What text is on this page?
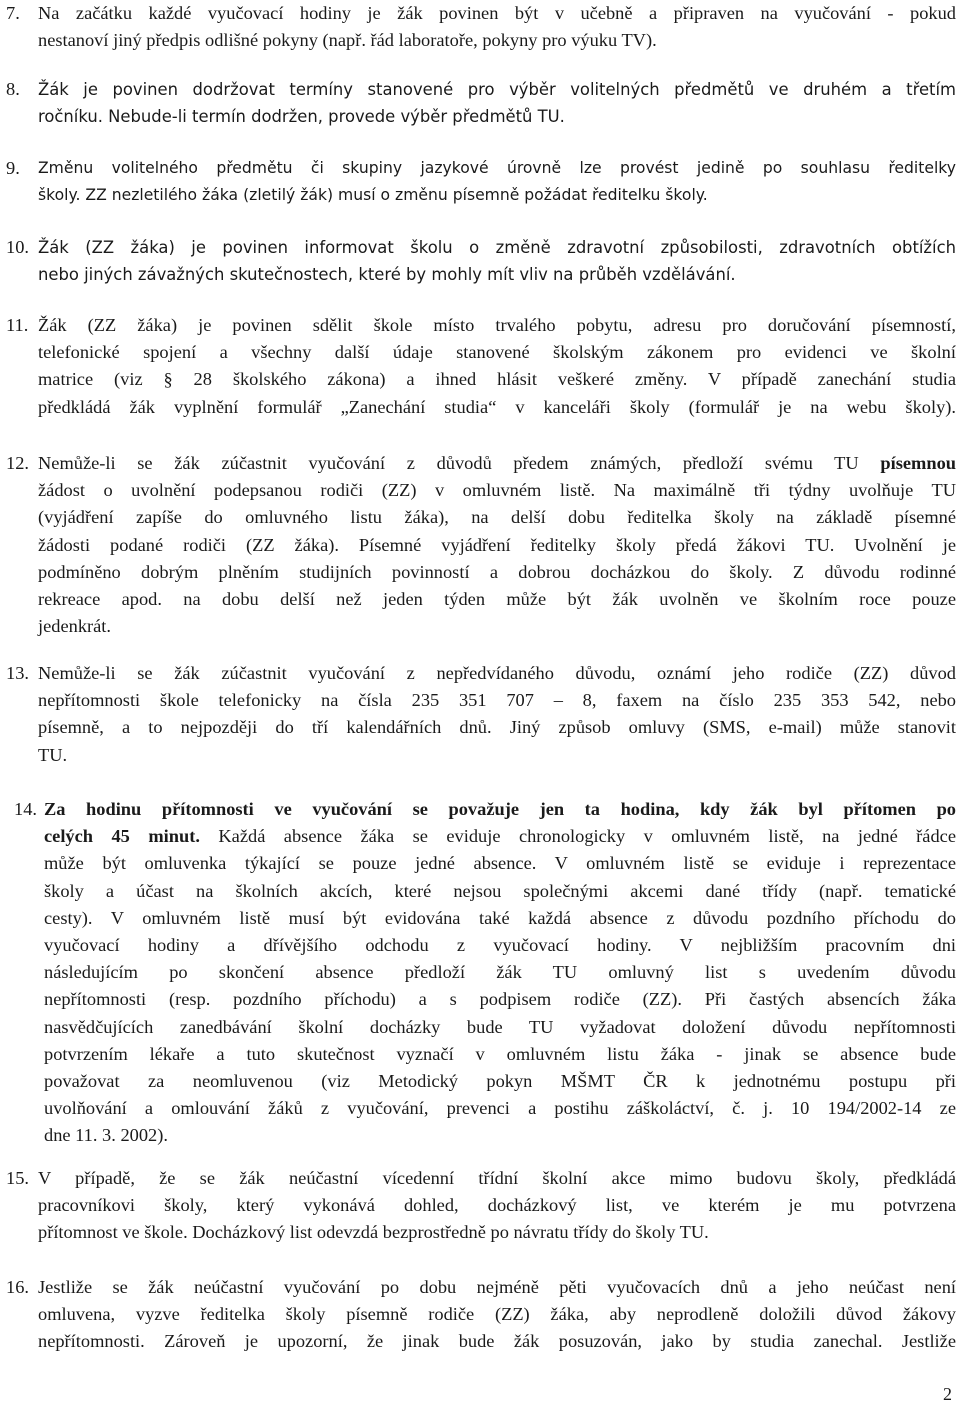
7. Na začátku každé vyučovací hodiny je žák povinen být v učebně a připraven na vyučování - pokud
nestanoví jiný předpis odlišné pokyny (např. řád laboratoře, pokyny pro výuku TV).
8. Žák je povinen dodržovat termíny stanovené pro výběr volitelných předmětů ve druhém a třetím
ročníku. Nebude-li termín dodržen, provede výběr předmětů TU.
9. Změnu volitelného předmětu či skupiny jazykové úrovně lze provést jedině po souhlasu ředitelky
školy. ZZ nezletilého žáka (zletilý žák) musí o změnu písemně požádat ředitelku školy.
10. Žák (ZZ žáka) je povinen informovat školu o změně zdravotní způsobilosti, zdravotních obtížích
nebo jiných závažných skutečnostech, které by mohly mít vliv na průběh vzdělávání.
11. Žák (ZZ žáka) je povinen sdělit škole místo trvalého pobytu, adresu pro doručování písemností,
telefonické spojení a všechny další údaje stanovené školským zákonem pro evidenci ve školní
matrice (viz § 28 školského zákona) a ihned hlásit veškeré změny. V případě zanechání studia
předkládá žák vyplnění formulář „Zanechání studia“ v kanceláři školy (formulář je na webu školy).
12. Nemůže-li se žák zúčastnit vyučování z důvodů předem známých, předloží svému TU písemnou
žádost o uvolnění podepsanou rodiči (ZZ) v omluvném listě. Na maximálně tři týdny uvolňuje TU
(vyjádření zapíše do omluvného listu žáka), na delší dobu ředitelka školy na základě písemné
žádosti podané rodiči (ZZ žáka). Písemné vyjádření ředitelky školy předá žákovi TU. Uvolnění je
podmíněno dobrým plněním studijních povinností a dobrou docházkou do školy. Z důvodu rodinné
rekreace apod. na dobu delší než jeden týden může být žák uvolněn ve školním roce pouze
jedenkrát.
13. Nemůže-li se žák zúčastnit vyučování z nepředvídaného důvodu, oznámí jeho rodiče (ZZ) důvod
nepřítomnosti škole telefonicky na čísla 235 351 707 – 8, faxem na číslo 235 353 542, nebo
písemně, a to nejpozději do tří kalendářních dnů. Jiný způsob omluvy (SMS, e-mail) může stanovit
TU.
14. Za hodinu přítomnosti ve vyučování se považuje jen ta hodina, kdy žák byl přítomen po
celých 45 minut. Každá absence žáka se eviduje chronologicky v omluvném listě, na jedné řádce
může být omluvenka týkající se pouze jedné absence. V omluvném listě se eviduje i reprezentace
školy a účast na školních akcích, které nejsou společnými akcemi dané třídy (např. tematické
cesty). V omluvném listě musí být evidována také každá absence z důvodu pozdního příchodu do
vyučovací hodiny a dřívějšího odchodu z vyučovací hodiny. V nejbližším pracovním dni
následujícím po skončení absence předloží žák TU omluvný list s uvedením důvodu
nepřítomnosti (resp. pozdního příchodu) a s podpisem rodiče (ZZ). Při častých absencích žáka
nasvědčujících zanedbávání školní docházky bude TU vyžadovat doložení důvodu nepřítomnosti
potvrzením lékaře a tuto skutečnost vyznačí v omluvném listu žáka - jinak se absence bude
považovat za neomluvenou (viz Metodický pokyn MŠMT ČR k jednotnému postupu při
uvolňování a omlouvání žáků z vyučování, prevenci a postihu záškoláctví, č. j. 10 194/2002-14 ze
dne 11. 3. 2002).
15. V případě, že se žák neúčastní vícedenní třídní školní akce mimo budovu školy, předkládá
pracovníkovi školy, který vykonává dohled, docházkový list, ve kterém je mu potvrzena
přítomnost ve škole. Docházkový list odevzdá bezprostředně po návratu třídy do školy TU.
16. Jestliže se žák neúčastní vyučování po dobu nejméně pěti vyučovacích dnů a jeho neúčast není
omluvena, vyzve ředitelka školy písemně rodiče (ZZ) žáka, aby neprodleně doložili důvod žákovy
nepřítomnosti. Zároveň je upozorní, že jinak bude žák posuzován, jako by studia zanechal. Jestliže
2
